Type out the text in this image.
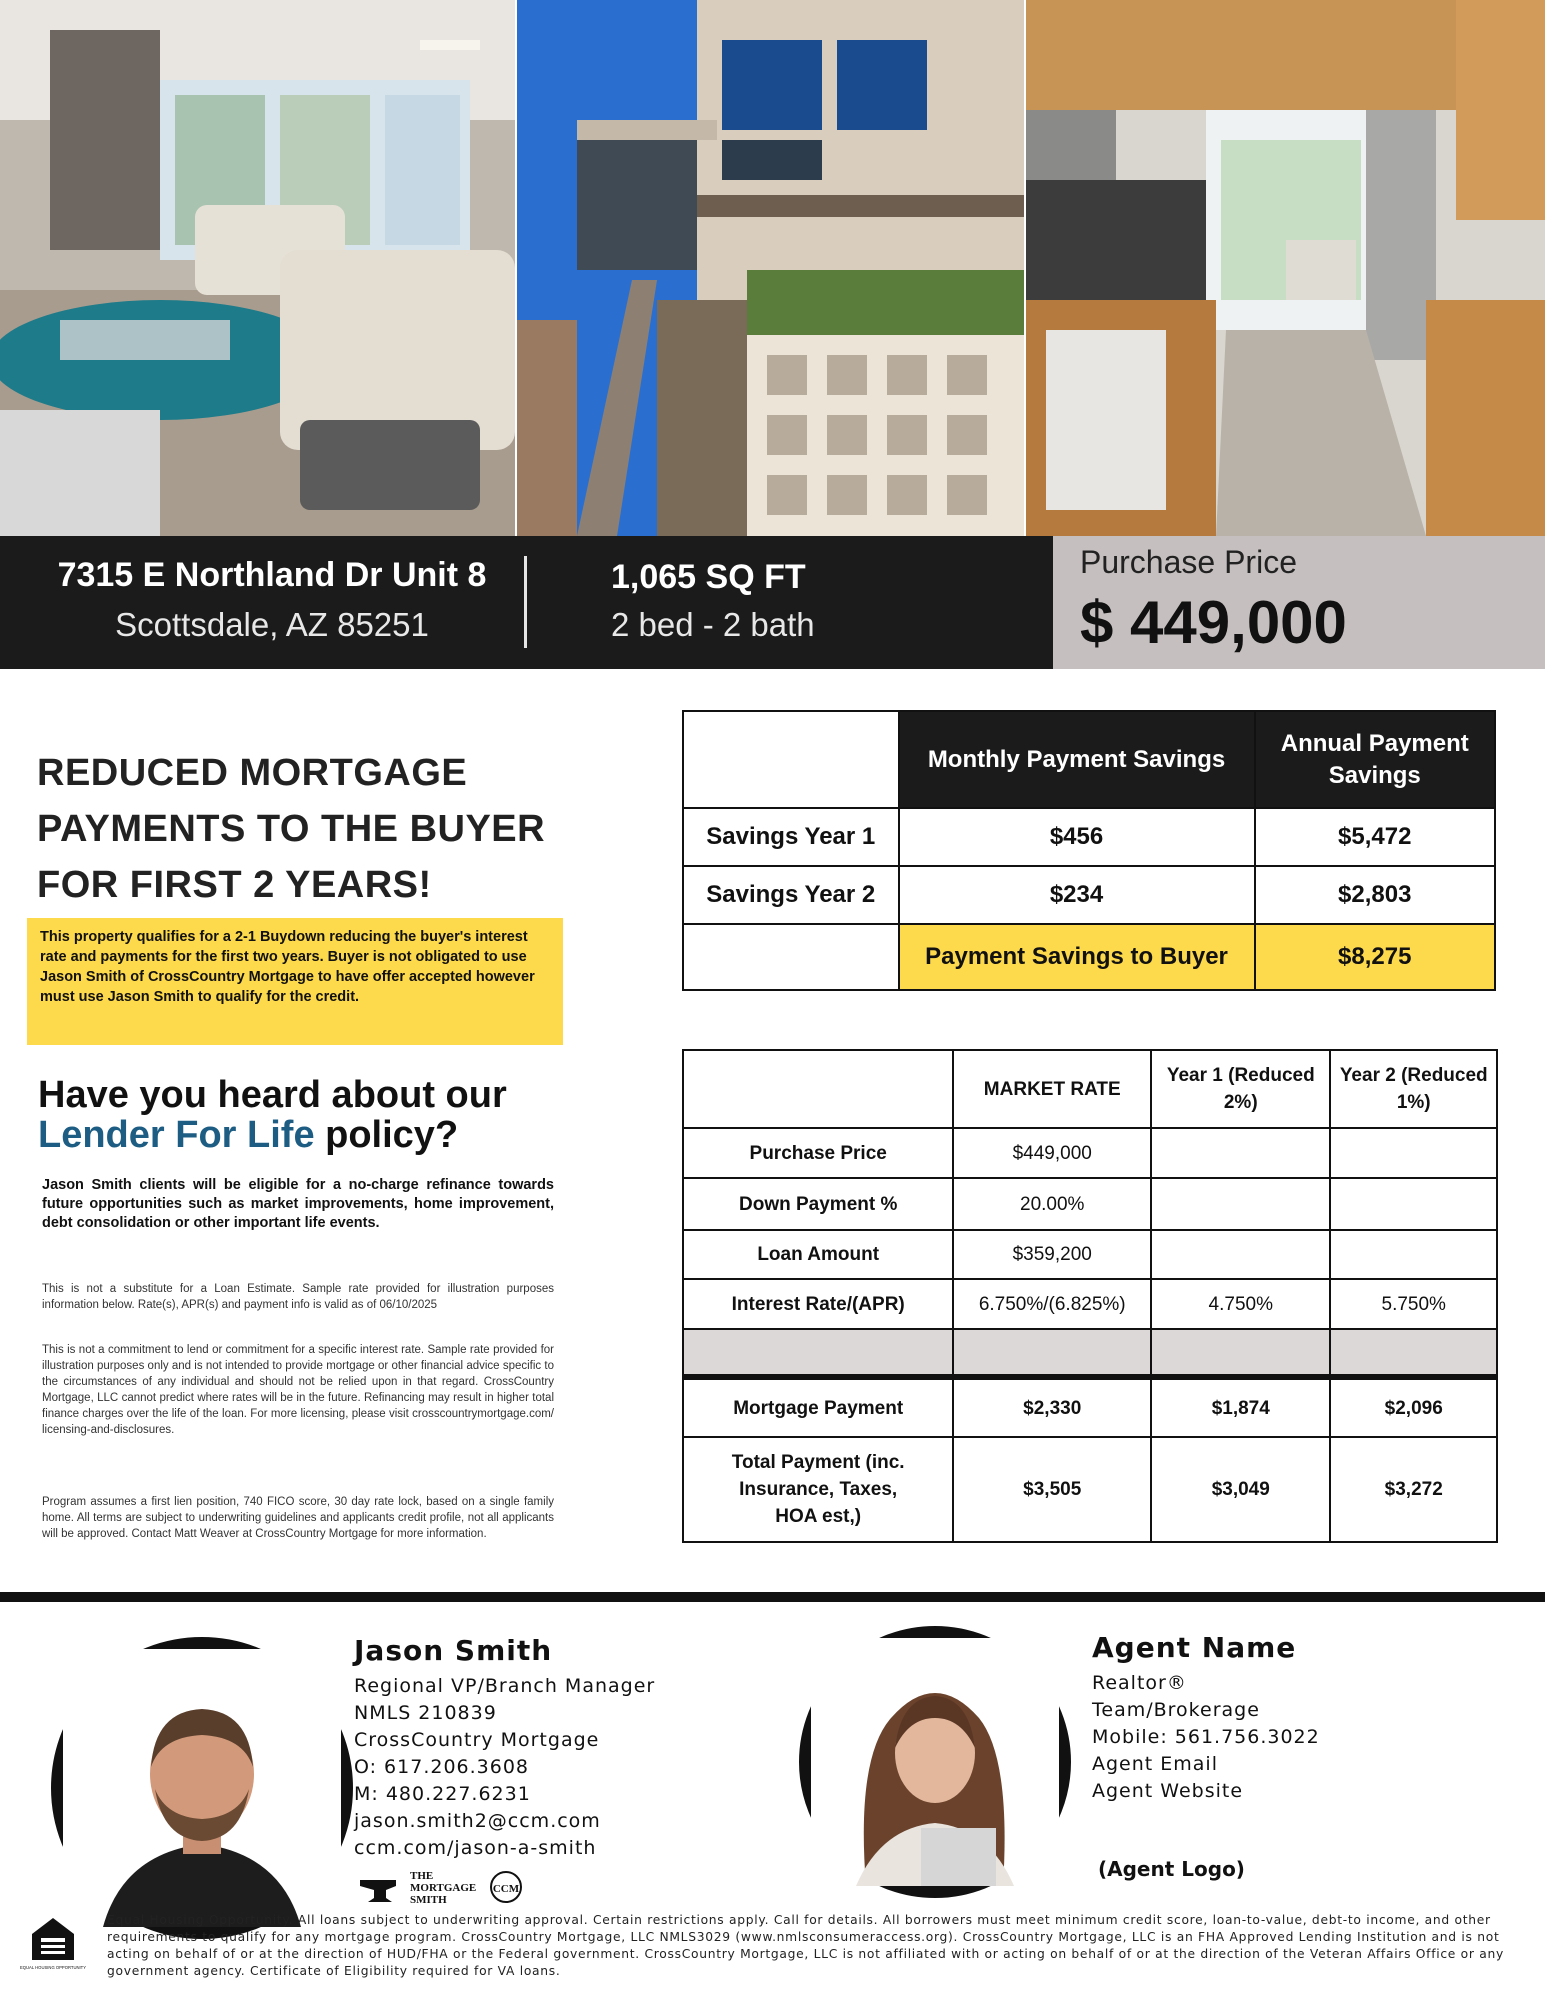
7315 E Northland Dr Unit 8
Scottsdale, AZ 85251
1,065 SQ FT
2 bed - 2 bath
Purchase Price
$ 449,000
REDUCED MORTGAGE PAYMENTS TO THE BUYER FOR FIRST 2 YEARS!
This property qualifies for a 2-1 Buydown reducing the buyer's interest rate and payments for the first two years. Buyer is not obligated to use Jason Smith of CrossCountry Mortgage to have offer accepted however must use Jason Smith to qualify for the credit.
Have you heard about our
Lender For Life policy?
Jason Smith clients will be eligible for a no-charge refinance towards future opportunities such as market improvements, home improvement, debt consolidation or other important life events.
This is not a substitute for a Loan Estimate. Sample rate provided for illustration purposes information below. Rate(s), APR(s) and payment info is valid as of 06/10/2025
This is not a commitment to lend or commitment for a specific interest rate. Sample rate provided for illustration purposes only and is not intended to provide mortgage or other financial advice specific to the circumstances of any individual and should not be relied upon in that regard. CrossCountry Mortgage, LLC cannot predict where rates will be in the future. Refinancing may result in higher total finance charges over the life of the loan. For more licensing, please visit crosscountrymortgage.com/ licensing-and-disclosures.
Program assumes a first lien position, 740 FICO score, 30 day rate lock, based on a single family home. All terms are subject to underwriting guidelines and applicants credit profile, not all applicants will be approved. Contact Matt Weaver at CrossCountry Mortgage for more information.
	Monthly Payment Savings	Annual Payment Savings
Savings Year 1	$456	$5,472
Savings Year 2	$234	$2,803
	Payment Savings to Buyer	$8,275
	MARKET RATE	Year 1 (Reduced 2%)	Year 2 (Reduced 1%)
Purchase Price	$449,000		
Down Payment %	20.00%		
Loan Amount	$359,200		
Interest Rate/(APR)	6.750%/(6.825%)	4.750%	5.750%

Mortgage Payment	$2,330	$1,874	$2,096
Total Payment (inc. Insurance, Taxes, HOA est,)	$3,505	$3,049	$3,272
Jason Smith
Regional VP/Branch Manager
NMLS 210839
CrossCountry Mortgage
O: 617.206.3608
M: 480.227.6231
jason.smith2@ccm.com
ccm.com/jason-a-smith
THE
MORTGAGE
SMITH
CCM
Agent Name
Realtor®
Team/Brokerage
Mobile: 561.756.3022
Agent Email
Agent Website
(Agent Logo)
EQUAL HOUSING OPPORTUNITY
Equal Housing Opportunity. All loans subject to underwriting approval. Certain restrictions apply. Call for details. All borrowers must meet minimum credit score, loan-to-value, debt-to income, and other requirements to qualify for any mortgage program. CrossCountry Mortgage, LLC NMLS3029 (www.nmlsconsumeraccess.org). CrossCountry Mortgage, LLC is an FHA Approved Lending Institution and is not acting on behalf of or at the direction of HUD/FHA or the Federal government. CrossCountry Mortgage, LLC is not affiliated with or acting on behalf of or at the direction of the Veteran Affairs Office or any government agency. Certificate of Eligibility required for VA loans.
